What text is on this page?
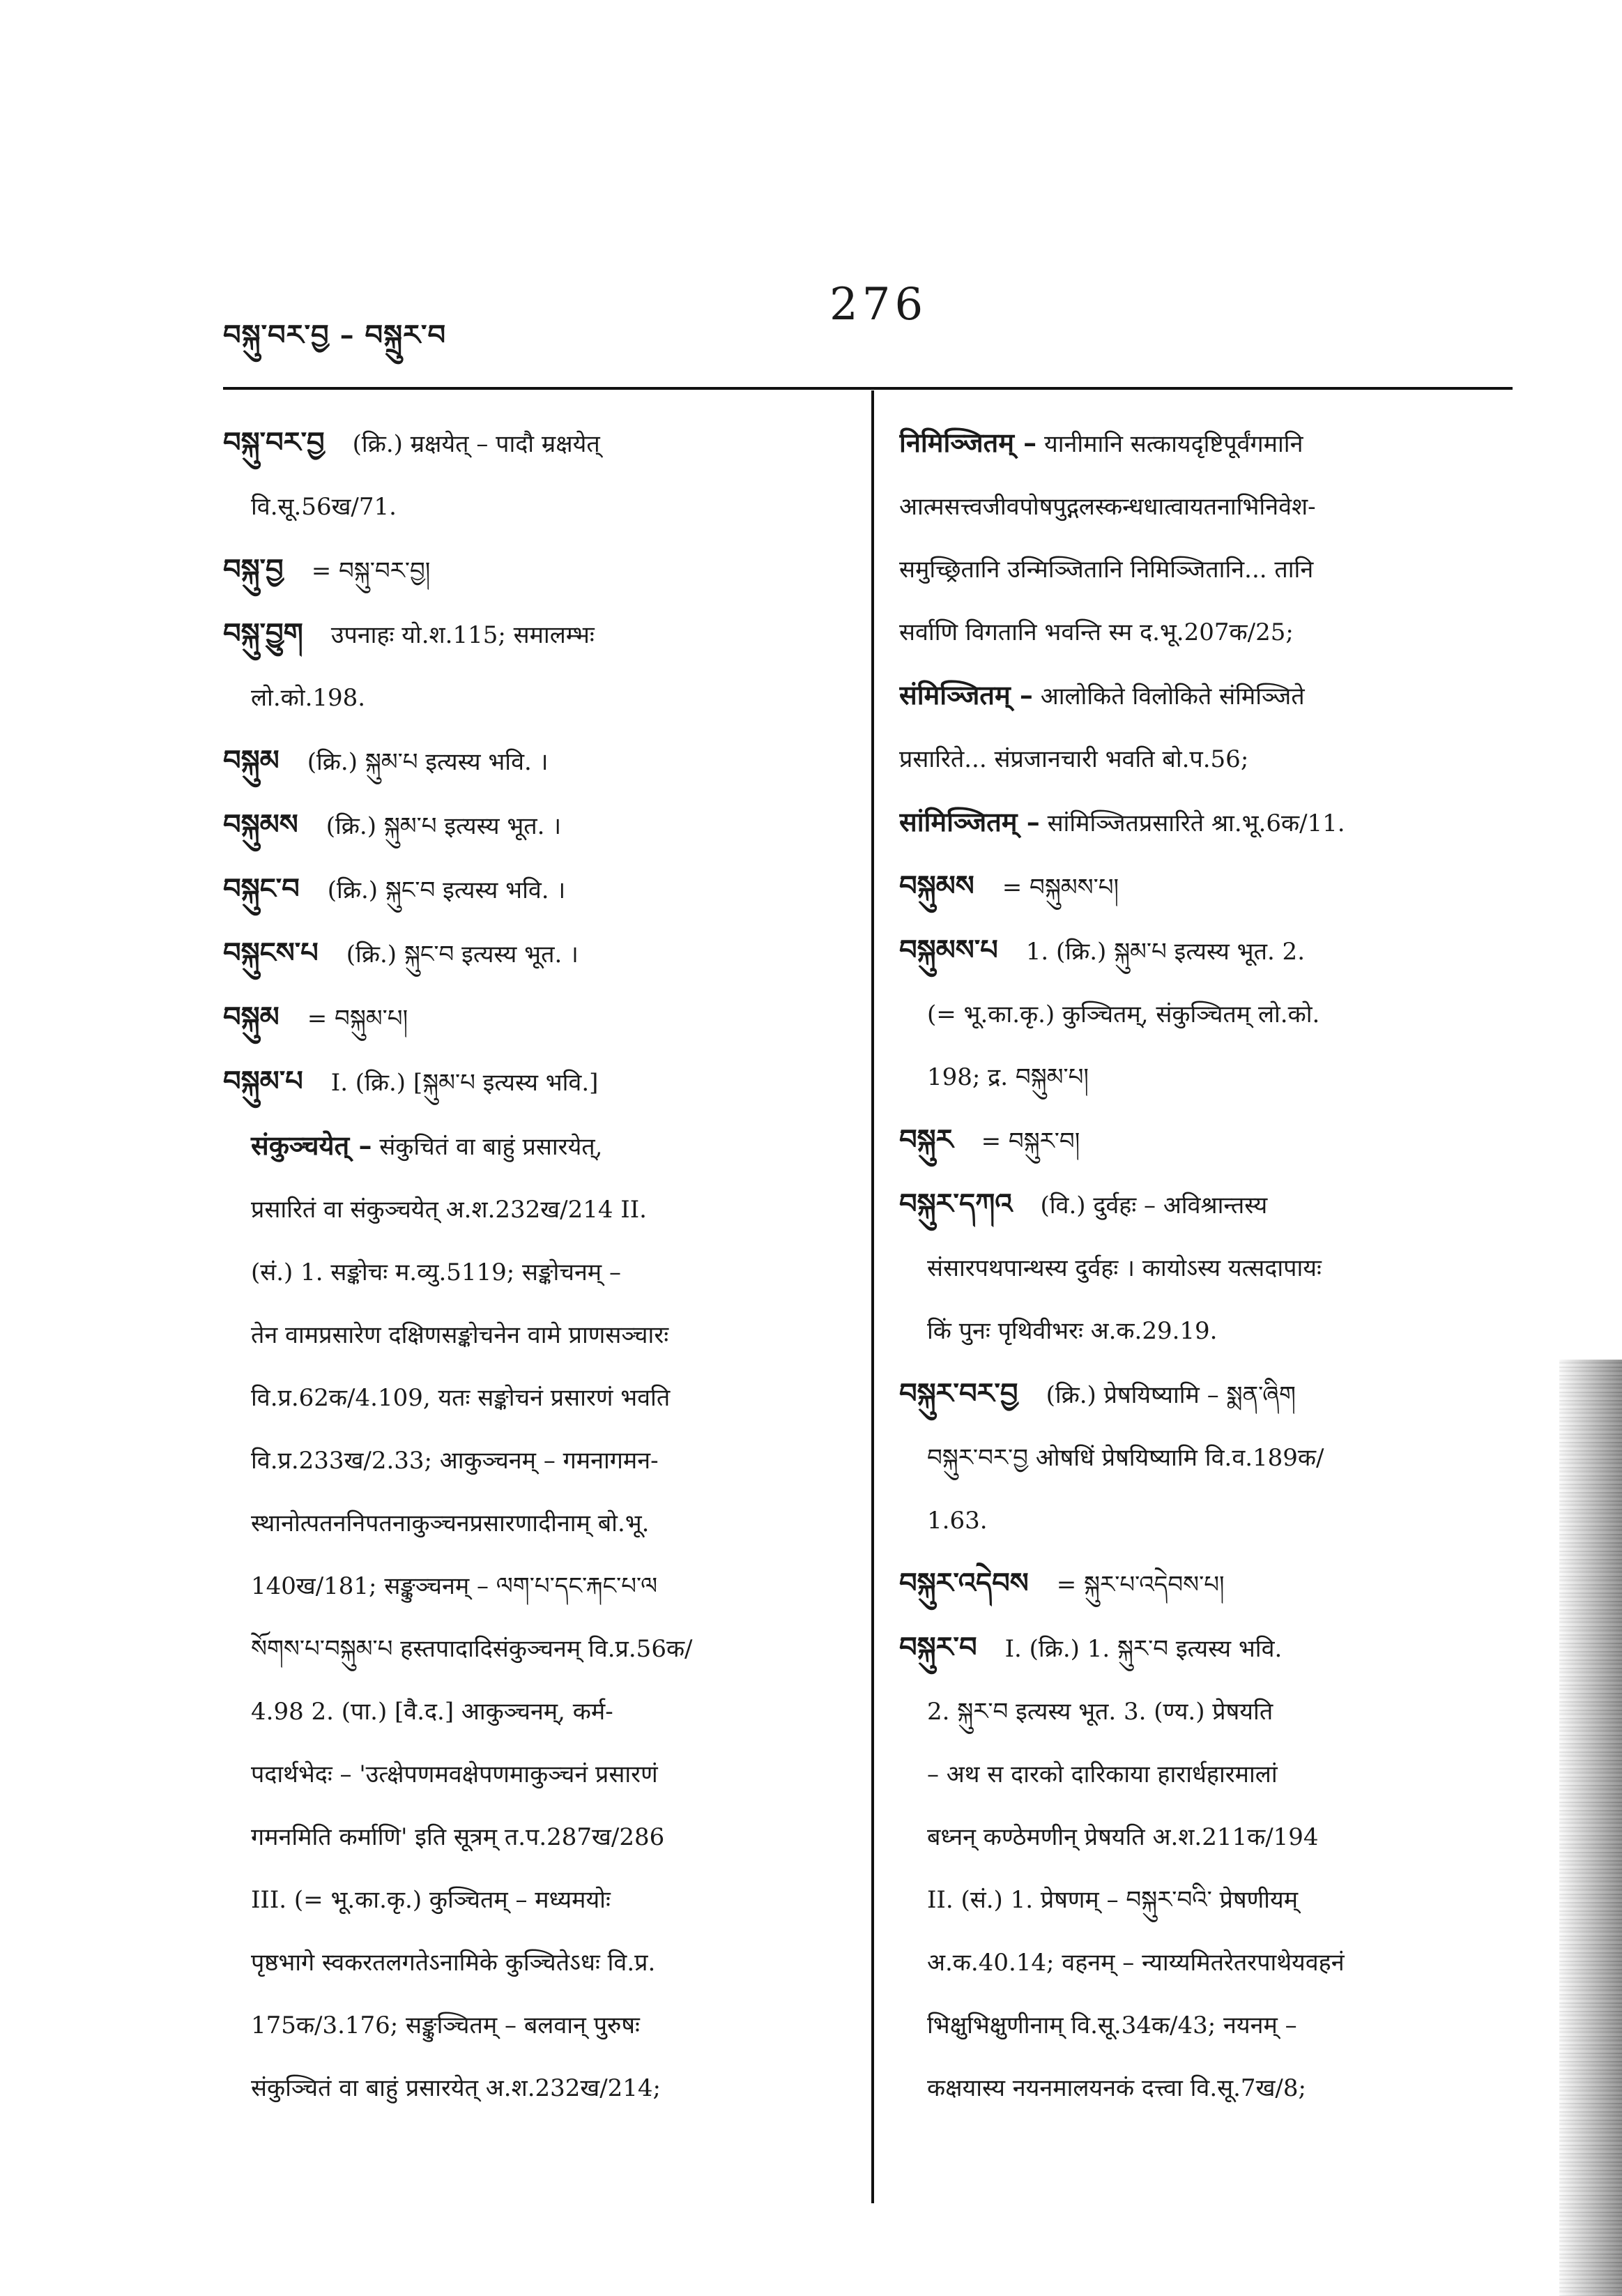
བསྐུ་བར་བྱ – བསྐྲུར་བ
276
བསྐུ་བར་བྱ (क्रि.) म्रक्षयेत् – पादौ म्रक्षयेत्
वि.सू.56ख/71.
བསྐུ་བྱ = བསྐུ་བར་བྱ།
བསྐུ་བྱུག उपनाहः यो.श.115; समालम्भः
लो.को.198.
བསྐུམ (क्रि.) སྐུམ་པ इत्यस्य भवि. ।
བསྐུམས (क्रि.) སྐུམ་པ इत्यस्य भूत. ।
བསྐུང་བ (क्रि.) སྐུང་བ इत्यस्य भवि. ।
བསྐུངས་པ (क्रि.) སྐུང་བ इत्यस्य भूत. ।
བསྐུམ = བསྐུམ་པ།
བསྐུམ་པ I. (क्रि.) [སྐུམ་པ इत्यस्य भवि.]
संकुञ्चयेत् – संकुचितं वा बाहुं प्रसारयेत्,
प्रसारितं वा संकुञ्चयेत् अ.श.232ख/214 II.
(सं.) 1. सङ्कोचः म.व्यु.5119; सङ्कोचनम् –
तेन वामप्रसारेण दक्षिणसङ्कोचनेन वामे प्राणसञ्चारः
वि.प्र.62क/4.109, यतः सङ्कोचनं प्रसारणं भवति
वि.प्र.233ख/2.33; आकुञ्चनम् – गमनागमन-
स्थानोत्पतननिपतनाकुञ्चनप्रसारणादीनाम् बो.भू.
140ख/181; सङ्कुञ्चनम् – ལག་པ་དང་རྐང་པ་ལ
སོགས་པ་བསྐུམ་པ हस्तपादादिसंकुञ्चनम् वि.प्र.56क/
4.98 2. (पा.) [वै.द.] आकुञ्चनम्, कर्म-
पदार्थभेदः – 'उत्क्षेपणमवक्षेपणमाकुञ्चनं प्रसारणं
गमनमिति कर्माणि' इति सूत्रम् त.प.287ख/286
III. (= भू.का.कृ.) कुञ्चितम् – मध्यमयोः
पृष्ठभागे स्वकरतलगतेऽनामिके कुञ्चितेऽधः वि.प्र.
175क/3.176; सङ्कुञ्चितम् – बलवान् पुरुषः
संकुञ्चितं वा बाहुं प्रसारयेत् अ.श.232ख/214;
निमिञ्जितम् – यानीमानि सत्कायदृष्टिपूर्वंगमानि
आत्मसत्त्वजीवपोषपुद्गलस्कन्धधात्वायतनाभिनिवेश-
समुच्छ्रितानि उन्मिञ्जितानि निमिञ्जितानि... तानि
सर्वाणि विगतानि भवन्ति स्म द.भू.207क/25;
संमिञ्जितम् – आलोकिते विलोकिते संमिञ्जिते
प्रसारिते... संप्रजानचारी भवति बो.प.56;
सांमिञ्जितम् – सांमिञ्जितप्रसारिते श्रा.भू.6क/11.
བསྐུམས = བསྐུམས་པ།
བསྐུམས་པ 1. (क्रि.) སྐུམ་པ इत्यस्य भूत. 2.
(= भू.का.कृ.) कुञ्चितम्, संकुञ्चितम् लो.को.
198; द्र. བསྐུམ་པ།
བསྐུར = བསྐུར་བ།
བསྐུར་དཀའ (वि.) दुर्वहः – अविश्रान्तस्य
संसारपथपान्थस्य दुर्वहः । कायोऽस्य यत्सदापायः
किं पुनः पृथिवीभरः अ.क.29.19.
བསྐུར་བར་བྱ (क्रि.) प्रेषयिष्यामि – སྨན་ཞིག
བསྐུར་བར་བྱ ओषधिं प्रेषयिष्यामि वि.व.189क/
1.63.
བསྐུར་འདེབས = སྐུར་པ་འདེབས་པ།
བསྐུར་བ I. (क्रि.) 1. སྐུར་བ इत्यस्य भवि.
2. སྐུར་བ इत्यस्य भूत. 3. (ण्य.) प्रेषयति
– अथ स दारको दारिकाया हारार्धहारमालां
बध्नन् कण्ठेमणीन् प्रेषयति अ.श.211क/194
II. (सं.) 1. प्रेषणम् – བསྐུར་བའི་ प्रेषणीयम्
अ.क.40.14; वहनम् – न्याय्यमितरेतरपाथेयवहनं
भिक्षुभिक्षुणीनाम् वि.सू.34क/43; नयनम् –
कक्षयास्य नयनमालयनकं दत्त्वा वि.सू.7ख/8;
